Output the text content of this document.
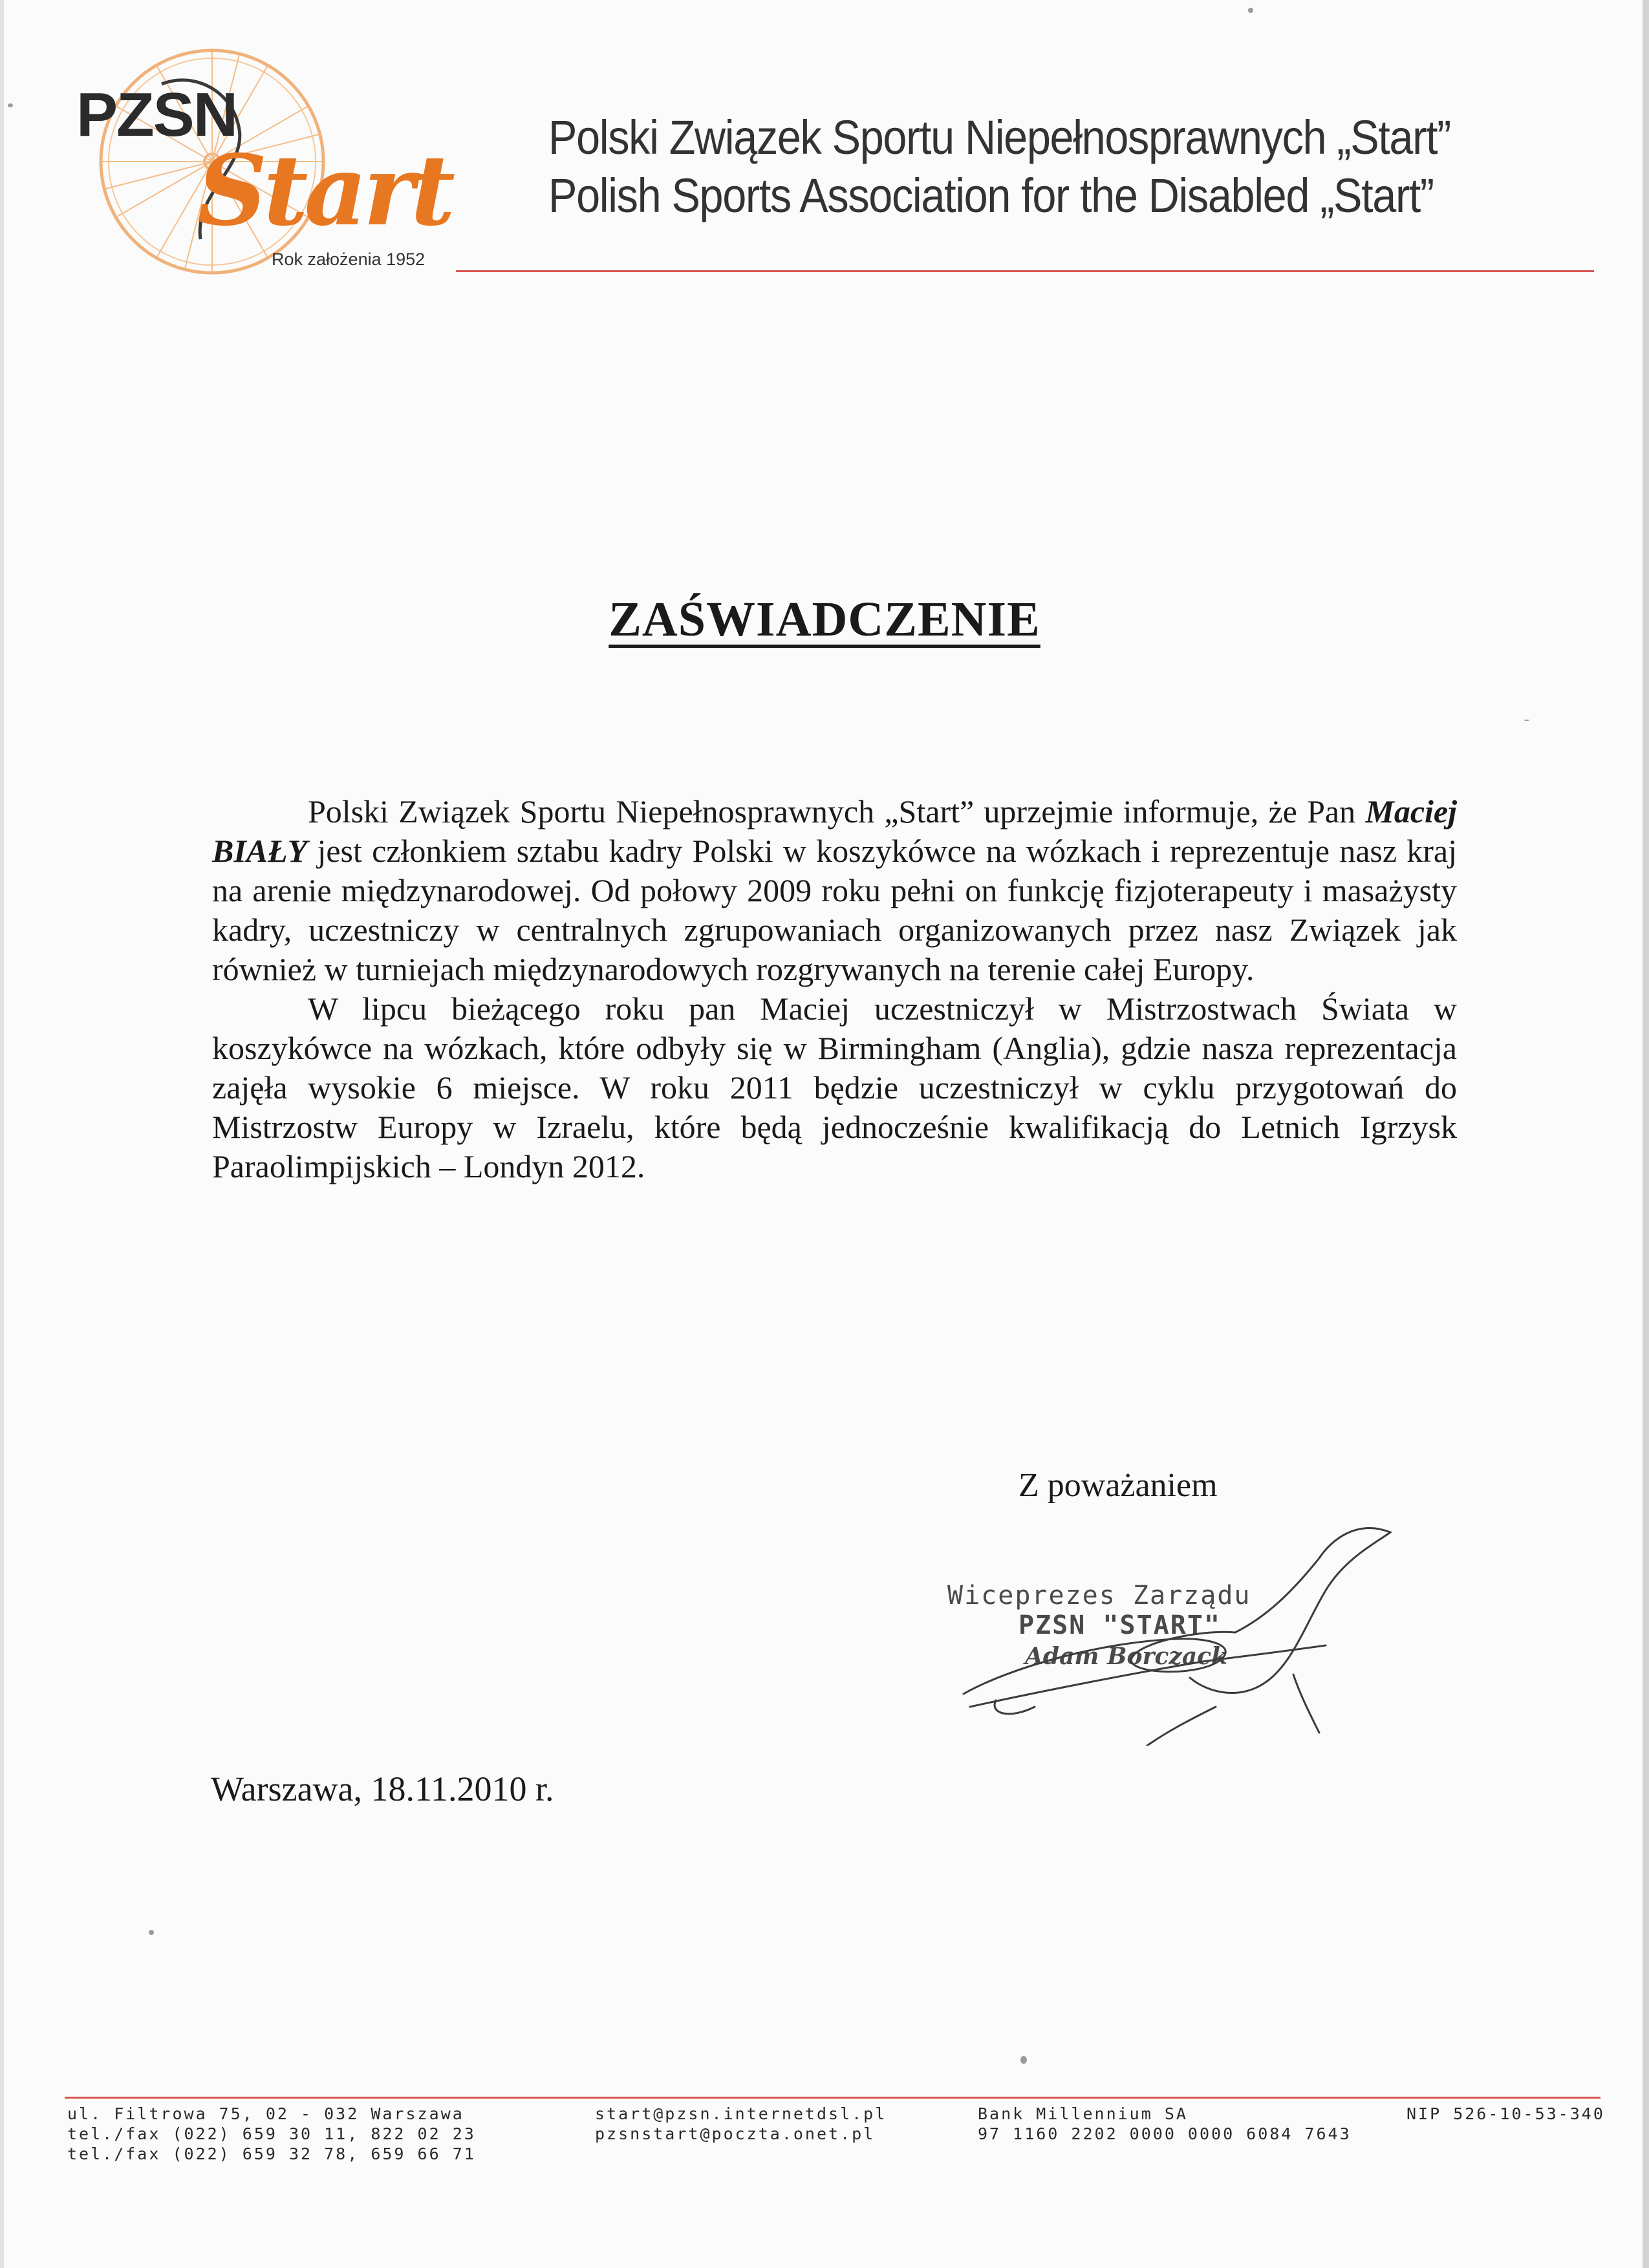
PZSN
Start
Rok założenia 1952
Polski Związek Sportu Niepełnosprawnych „Start”
Polish Sports Association for the Disabled „Start”
ZAŚWIADCZENIE

Polski Związek Sportu Niepełnosprawnych „Start” uprzejmie informuje, że Pan Maciej BIAŁY jest członkiem sztabu kadry Polski w koszykówce na wózkach i reprezentuje nasz kraj na arenie międzynarodowej. Od połowy 2009 roku pełni on funkcję fizjoterapeuty i masażysty kadry, uczestniczy w centralnych zgrupowaniach organizowanych przez nasz Związek jak również w turniejach międzynarodowych rozgrywanych na terenie całej Europy.

W lipcu bieżącego roku pan Maciej uczestniczył w Mistrzostwach Świata w koszykówce na wózkach, które odbyły się w Birmingham (Anglia), gdzie nasza reprezentacja zajęła wysokie 6 miejsce. W roku 2011 będzie uczestniczył w cyklu przygotowań do Mistrzostw Europy w Izraelu, które będą jednocześnie kwalifikacją do Letnich Igrzysk Paraolimpijskich – Londyn 2012.

Z poważaniem
Wiceprezes Zarządu
PZSN "START"
Adam Borczack
Warszawa, 18.11.2010 r.
ul. Filtrowa 75, 02 - 032 Warszawa
tel./fax (022) 659 30 11, 822 02 23
tel./fax (022) 659 32 78, 659 66 71
start@pzsn.internetdsl.pl
pzsnstart@poczta.onet.pl
Bank Millennium SA
97 1160 2202 0000 0000 6084 7643
NIP 526-10-53-340
